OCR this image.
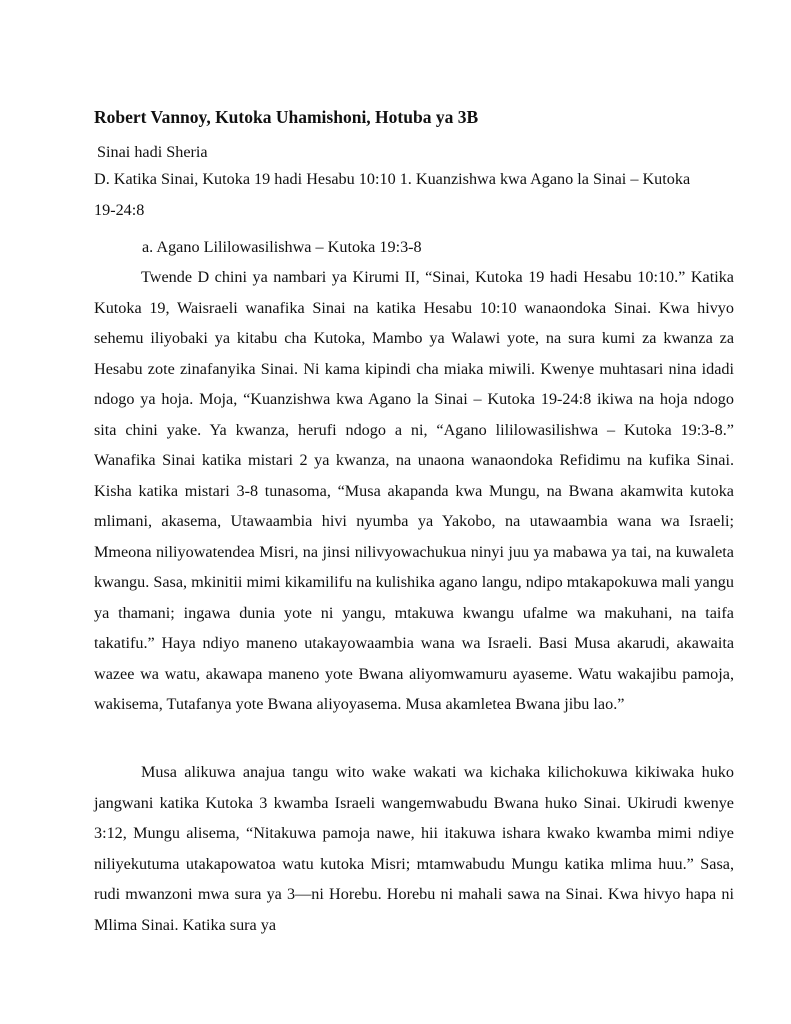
Robert Vannoy, Kutoka Uhamishoni, Hotuba ya 3B

Sinai hadi Sheria

D. Katika Sinai, Kutoka 19 hadi Hesabu 10:10 1. Kuanzishwa kwa Agano la Sinai – Kutoka 19-24:8

a. Agano Lililowasilishwa – Kutoka 19:3-8

Twende D chini ya nambari ya Kirumi II, “Sinai, Kutoka 19 hadi Hesabu 10:10.” Katika Kutoka 19, Waisraeli wanafika Sinai na katika Hesabu 10:10 wanaondoka Sinai. Kwa hivyo sehemu iliyobaki ya kitabu cha Kutoka, Mambo ya Walawi yote, na sura kumi za kwanza za Hesabu zote zinafanyika Sinai. Ni kama kipindi cha miaka miwili. Kwenye muhtasari nina idadi ndogo ya hoja. Moja, “Kuanzishwa kwa Agano la Sinai – Kutoka 19-24:8 ikiwa na hoja ndogo sita chini yake. Ya kwanza, herufi ndogo a ni, “Agano lililowasilishwa – Kutoka 19:3-8.” Wanafika Sinai katika mistari 2 ya kwanza, na unaona wanaondoka Refidimu na kufika Sinai. Kisha katika mistari 3-8 tunasoma, “Musa akapanda kwa Mungu, na Bwana akamwita kutoka mlimani, akasema, Utawaambia hivi nyumba ya Yakobo, na utawaambia wana wa Israeli; Mmeona niliyowatendea Misri, na jinsi nilivyowachukua ninyi juu ya mabawa ya tai, na kuwaleta kwangu. Sasa, mkinitii mimi kikamilifu na kulishika agano langu, ndipo mtakapokuwa mali yangu ya thamani; ingawa dunia yote ni yangu, mtakuwa kwangu ufalme wa makuhani, na taifa takatifu.” Haya ndiyo maneno utakayowaambia wana wa Israeli. Basi Musa akarudi, akawaita wazee wa watu, akawapa maneno yote Bwana aliyomwamuru ayaseme. Watu wakajibu pamoja, wakisema, Tutafanya yote Bwana aliyoyasema. Musa akamletea Bwana jibu lao.”

Musa alikuwa anajua tangu wito wake wakati wa kichaka kilichokuwa kikiwaka huko jangwani katika Kutoka 3 kwamba Israeli wangemwabudu Bwana huko Sinai. Ukirudi kwenye 3:12, Mungu alisema, “Nitakuwa pamoja nawe, hii itakuwa ishara kwako kwamba mimi ndiye niliyekutuma utakapowatoa watu kutoka Misri; mtamwabudu Mungu katika mlima huu.” Sasa, rudi mwanzoni mwa sura ya 3—ni Horebu. Horebu ni mahali sawa na Sinai. Kwa hivyo hapa ni Mlima Sinai. Katika sura ya
